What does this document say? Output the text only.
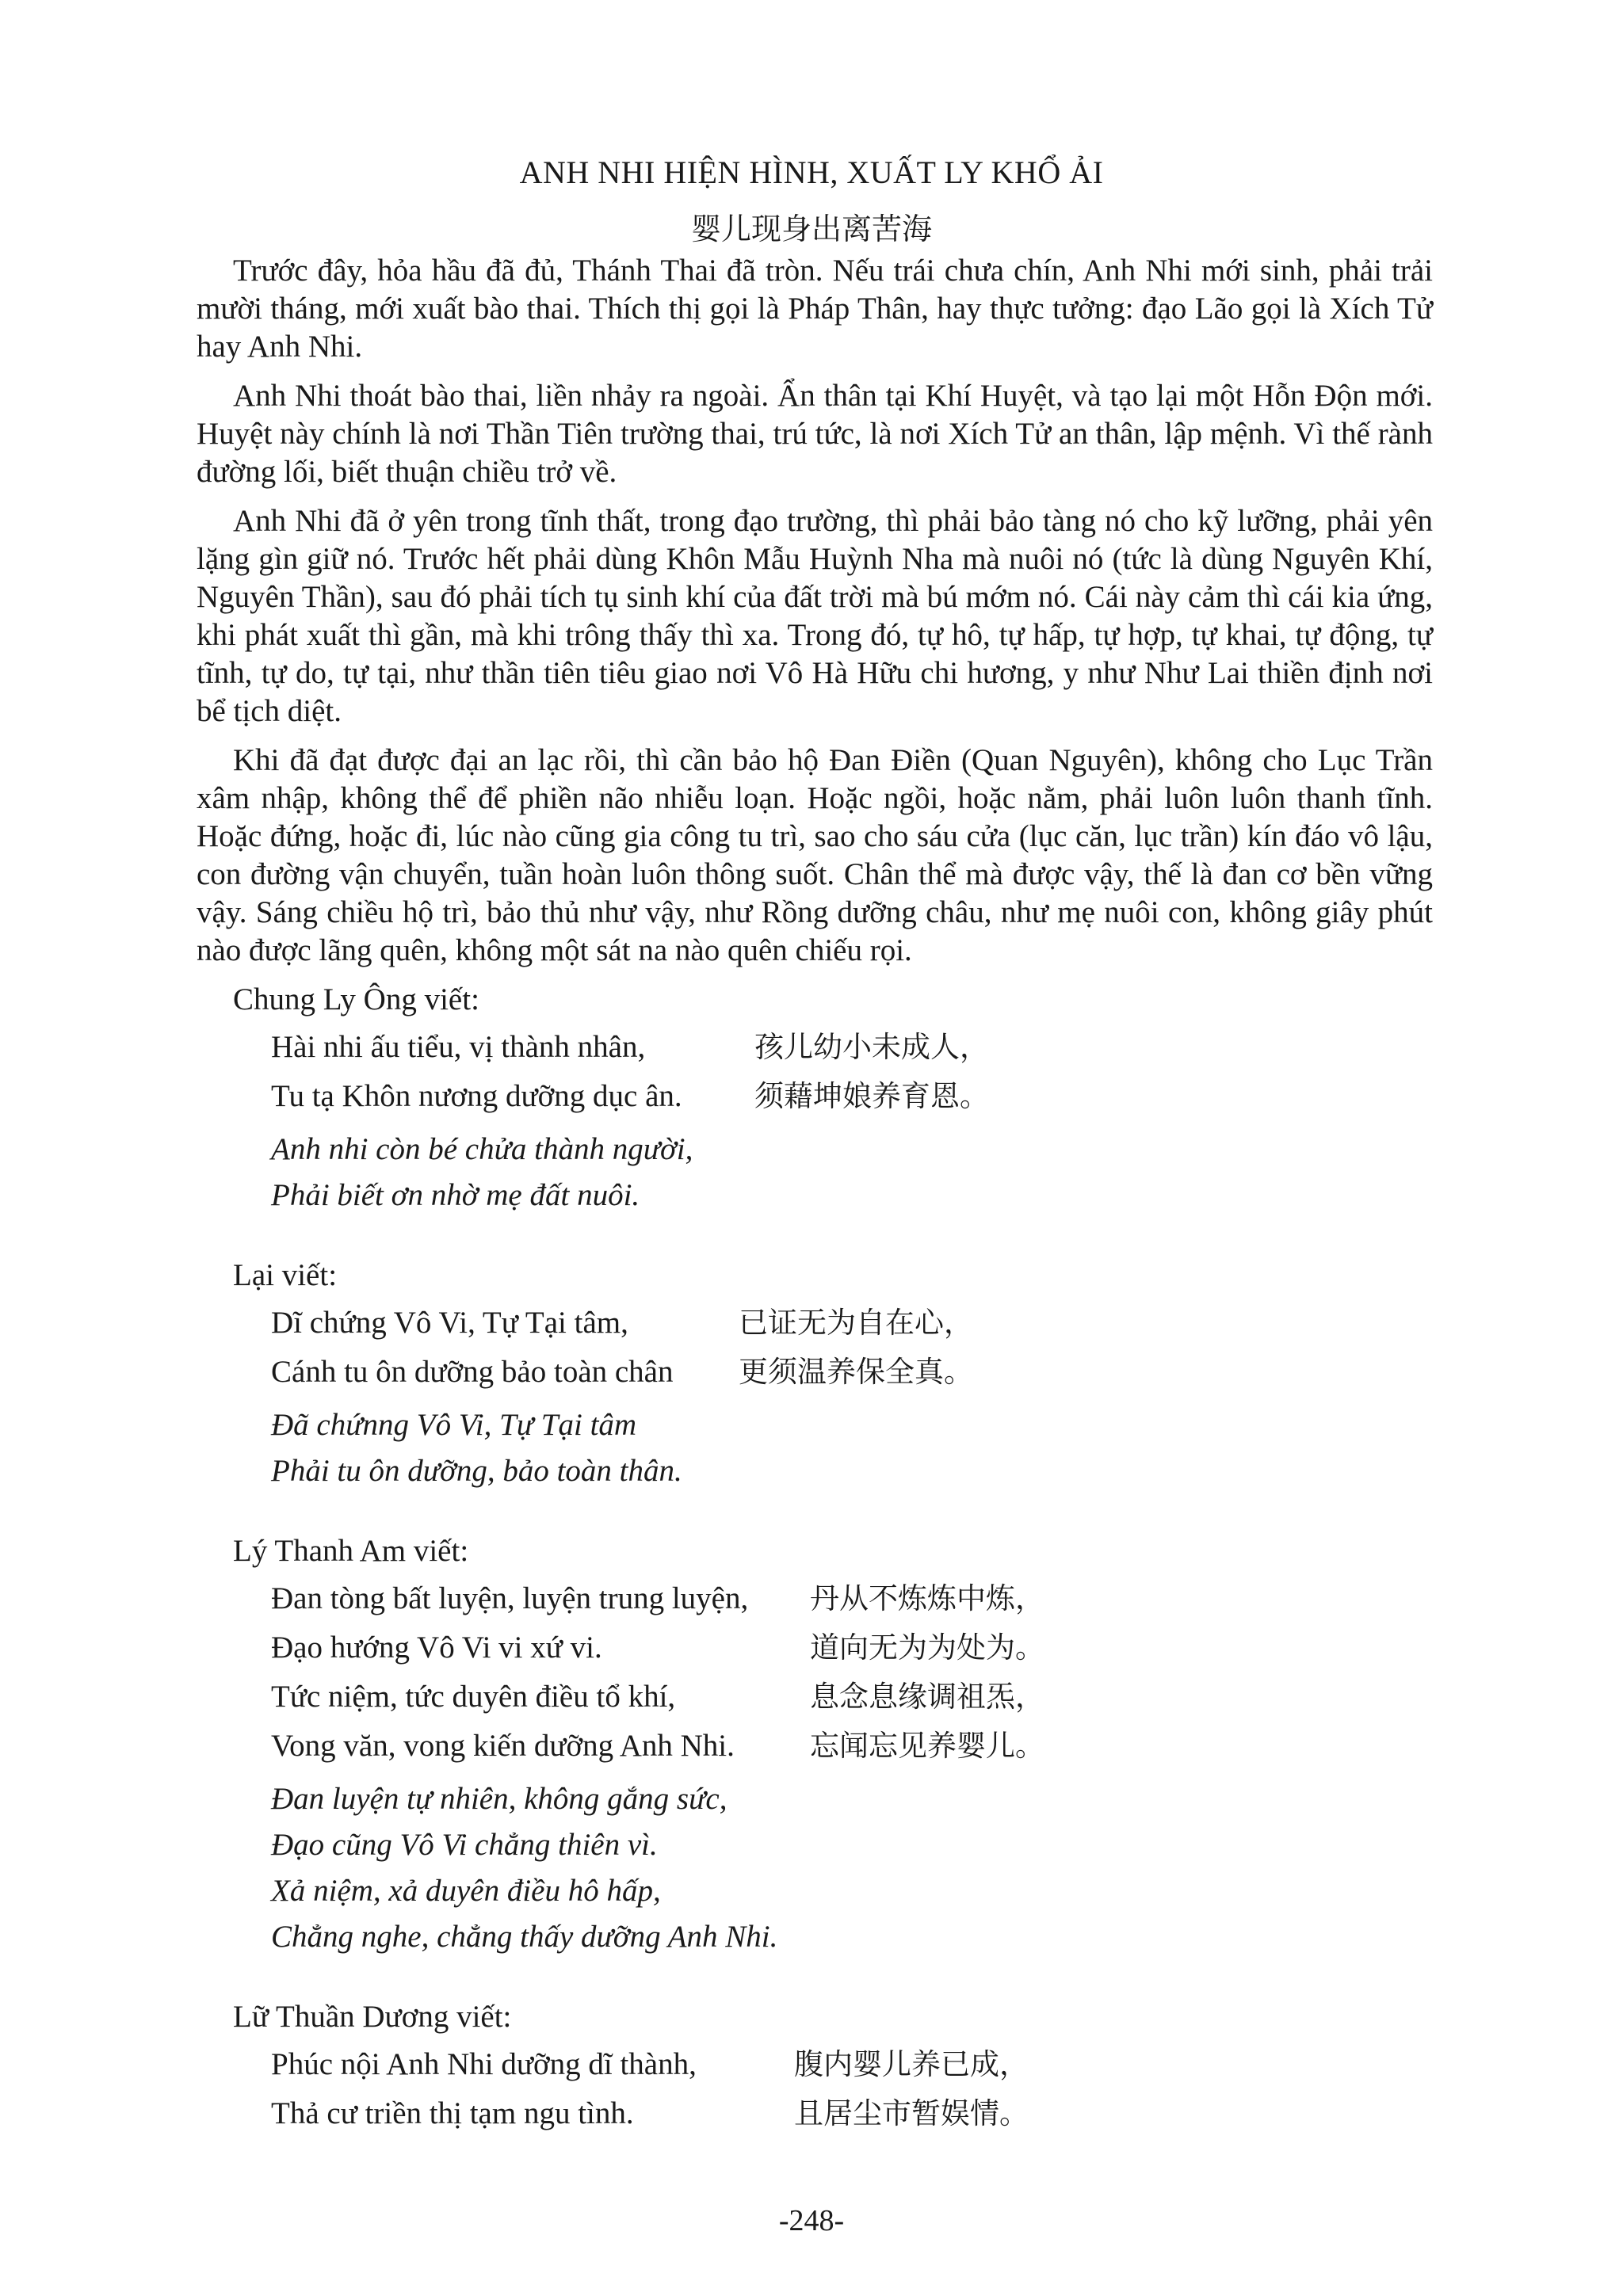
ANH NHI HIỆN HÌNH, XUẤT LY KHỔ ẢI
婴儿现身出离苦海

Trước đây, hỏa hầu đã đủ, Thánh Thai đã tròn. Nếu trái chưa chín, Anh Nhi mới sinh, phải trải mười tháng, mới xuất bào thai. Thích thị gọi là Pháp Thân, hay thực tưởng: đạo Lão gọi là Xích Tử hay Anh Nhi.

Anh Nhi thoát bào thai, liền nhảy ra ngoài. Ẩn thân tại Khí Huyệt, và tạo lại một Hỗn Độn mới. Huyệt này chính là nơi Thần Tiên trường thai, trú tức, là nơi Xích Tử an thân, lập mệnh. Vì thế rành đường lối, biết thuận chiều trở về.

Anh Nhi đã ở yên trong tĩnh thất, trong đạo trường, thì phải bảo tàng nó cho kỹ lưỡng, phải yên lặng gìn giữ nó. Trước hết phải dùng Khôn Mẫu Huỳnh Nha mà nuôi nó (tức là dùng Nguyên Khí, Nguyên Thần), sau đó phải tích tụ sinh khí của đất trời mà bú mớm nó. Cái này cảm thì cái kia ứng, khi phát xuất thì gần, mà khi trông thấy thì xa. Trong đó, tự hô, tự hấp, tự hợp, tự khai, tự động, tự tĩnh, tự do, tự tại, như thần tiên tiêu giao nơi Vô Hà Hữu chi hương, y như Như Lai thiền định nơi bể tịch diệt.

Khi đã đạt được đại an lạc rồi, thì cần bảo hộ Đan Điền (Quan Nguyên), không cho Lục Trần xâm nhập, không thể để phiền não nhiễu loạn. Hoặc ngồi, hoặc nằm, phải luôn luôn thanh tĩnh. Hoặc đứng, hoặc đi, lúc nào cũng gia công tu trì, sao cho sáu cửa (lục căn, lục trần) kín đáo vô lậu, con đường vận chuyển, tuần hoàn luôn thông suốt. Chân thể mà được vậy, thế là đan cơ bền vững vậy. Sáng chiều hộ trì, bảo thủ như vậy, như Rồng dưỡng châu, như mẹ nuôi con, không giây phút nào được lãng quên, không một sát na nào quên chiếu rọi.

Chung Ly Ông viết:
Hài nhi ấu tiểu, vị thành nhân,	孩儿幼小未成人，
Tu tạ Khôn nương dưỡng dục ân. 须藉坤娘养育恩。

Anh nhi còn bé chửa thành người,

Phải biết ơn nhờ mẹ đất nuôi.

Lại viết:
Dĩ chứng Vô Vi, Tự Tại tâm,	已证无为自在心，
Cánh tu ôn dưỡng bảo toàn chân 更须温养保全真。

Đã chứnng Vô Vi, Tự Tại tâm

Phải tu ôn dưỡng, bảo toàn thân.

Lý Thanh Am viết:
Đan tòng bất luyện, luyện trung luyện, 丹从不炼炼中炼，
Đạo hướng Vô Vi vi xứ vi.	道向无为为处为。
Tức niệm, tức duyên điều tổ khí,	息念息缘调祖炁，
Vong văn, vong kiến dưỡng Anh Nhi.	忘闻忘见养婴儿。

Đan luyện tự nhiên, không gắng sức,

Đạo cũng Vô Vi chẳng thiên vì.

Xả niệm, xả duyên điều hô hấp,

Chẳng nghe, chẳng thấy dưỡng Anh Nhi.

Lữ Thuần Dương viết:
Phúc nội Anh Nhi dưỡng dĩ thành,	腹内婴儿养已成，
Thả cư triền thị tạm ngu tình.	且居尘市暂娱情。
-248-
